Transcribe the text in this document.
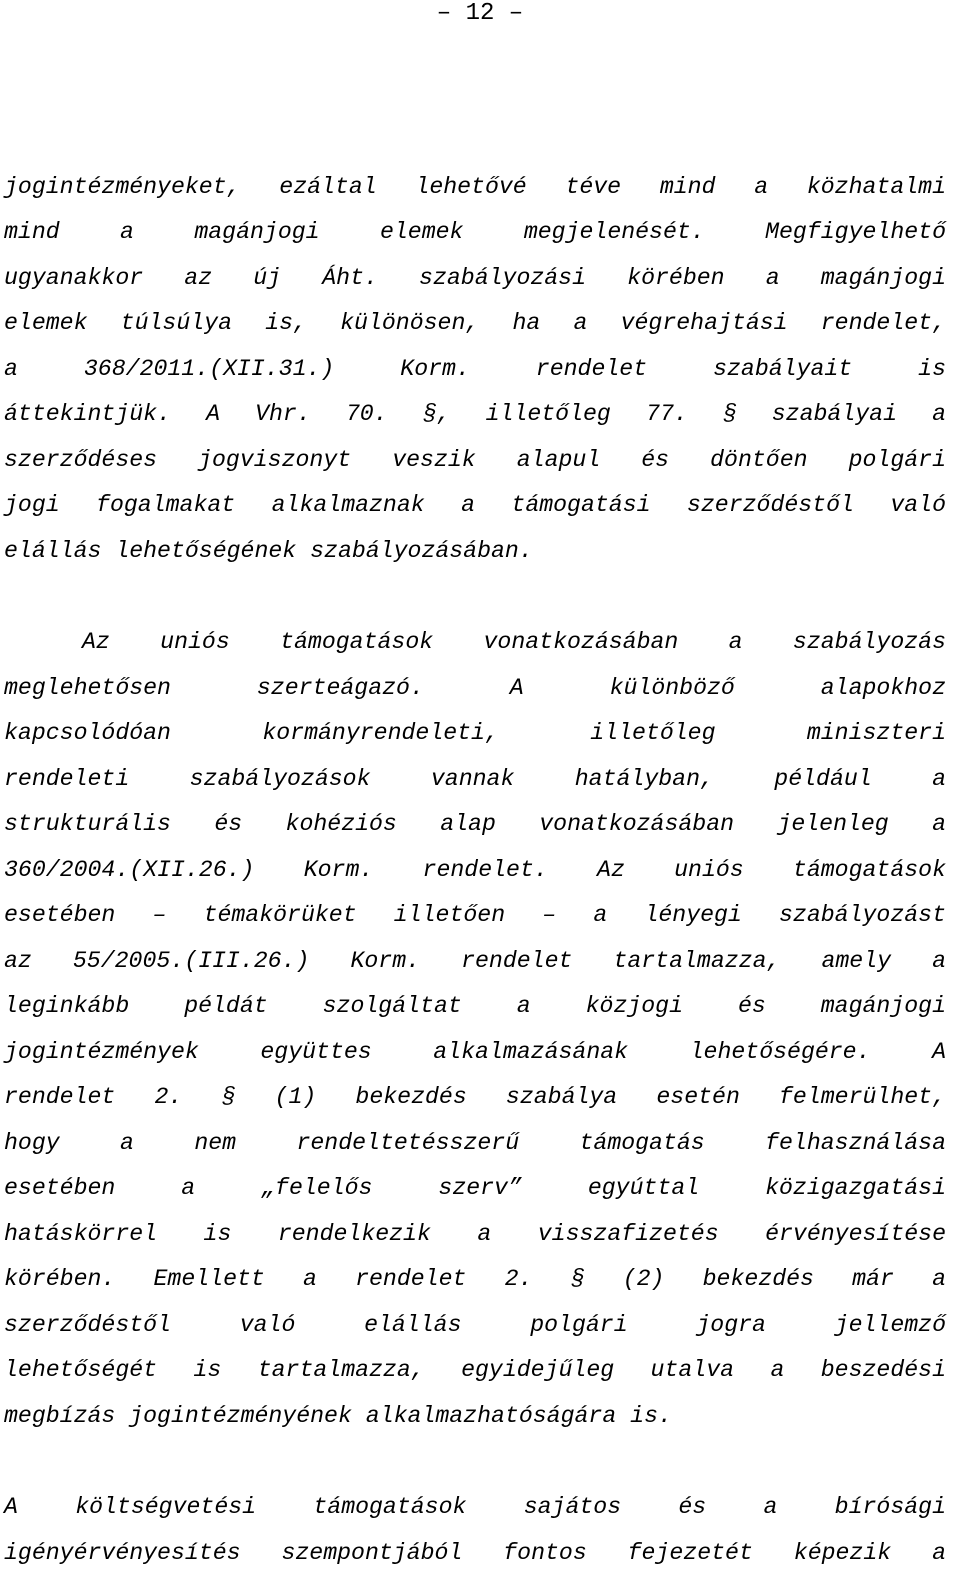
– 12 –
jogintézményeket, ezáltal lehetővé téve mind a közhatalmi
mind a magánjogi elemek megjelenését. Megfigyelhető
ugyanakkor az új Áht. szabályozási körében a magánjogi
elemek túlsúlya is, különösen, ha a végrehajtási rendelet,
a 368/2011.(XII.31.) Korm. rendelet szabályait is
áttekintjük. A Vhr. 70. §, illetőleg 77. § szabályai a
szerződéses jogviszonyt veszik alapul és döntően polgári
jogi fogalmakat alkalmaznak a támogatási szerződéstől való
elállás lehetőségének szabályozásában.
Az uniós támogatások vonatkozásában a szabályozás
meglehetősen szerteágazó. A különböző alapokhoz
kapcsolódóan kormányrendeleti, illetőleg miniszteri
rendeleti szabályozások vannak hatályban, például a
strukturális és kohéziós alap vonatkozásában jelenleg a
360/2004.(XII.26.) Korm. rendelet. Az uniós támogatások
esetében – témakörüket illetően – a lényegi szabályozást
az 55/2005.(III.26.) Korm. rendelet tartalmazza, amely a
leginkább példát szolgáltat a közjogi és magánjogi
jogintézmények együttes alkalmazásának lehetőségére. A
rendelet 2. § (1) bekezdés szabálya esetén felmerülhet,
hogy a nem rendeltetésszerű támogatás felhasználása
esetében a „felelős szerv” egyúttal közigazgatási
hatáskörrel is rendelkezik a visszafizetés érvényesítése
körében. Emellett a rendelet 2. § (2) bekezdés már a
szerződéstől való elállás polgári jogra jellemző
lehetőségét is tartalmazza, egyidejűleg utalva a beszedési
megbízás jogintézményének alkalmazhatóságára is.
A költségvetési támogatások sajátos és a bírósági
igényérvényesítés szempontjából fontos fejezetét képezik a
